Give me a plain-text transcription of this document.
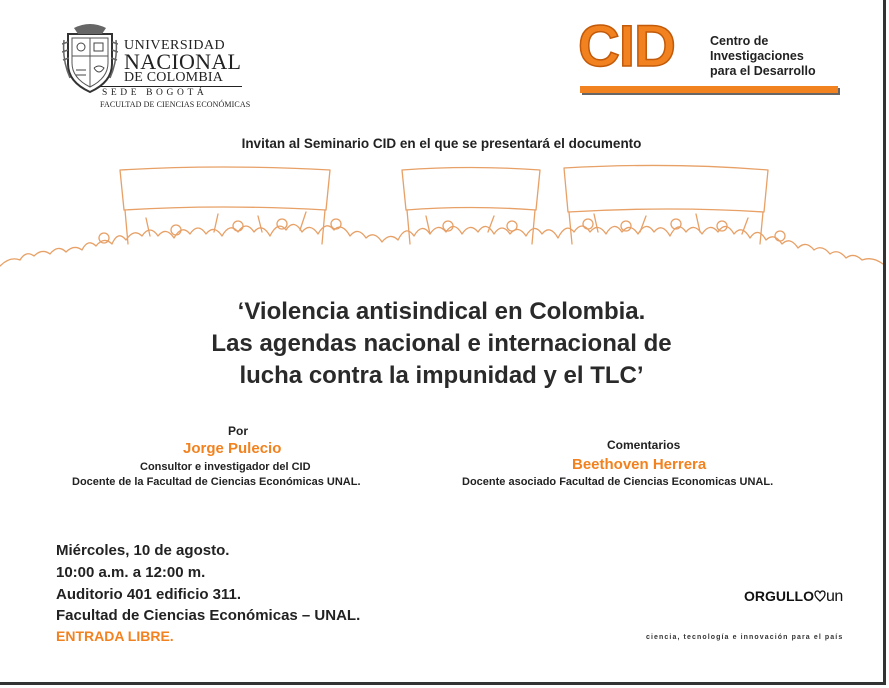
UNIVERSIDAD
NACIONAL
DE COLOMBIA
SEDE BOGOTÁ
FACULTAD DE CIENCIAS ECONÓMICAS
CID	Centro de
Investigaciones
para el Desarrollo
Invitan al Seminario CID en el que se presentará el documento
‘Violencia antisindical en Colombia.
Las agendas nacional e internacional de
lucha contra la impunidad y el TLC’
Por
Jorge Pulecio
Consultor e investigador del CID
Docente de la Facultad de Ciencias Económicas UNAL.
Comentarios
Beethoven Herrera
Docente asociado Facultad de Ciencias Economicas UNAL.
Miércoles, 10 de agosto.
10:00 a.m. a 12:00 m.
Auditorio 401 edificio 311.
Facultad de Ciencias Económicas – UNAL.
ENTRADA LIBRE.
ORGULLO un
ciencia, tecnología e innovación para el país
